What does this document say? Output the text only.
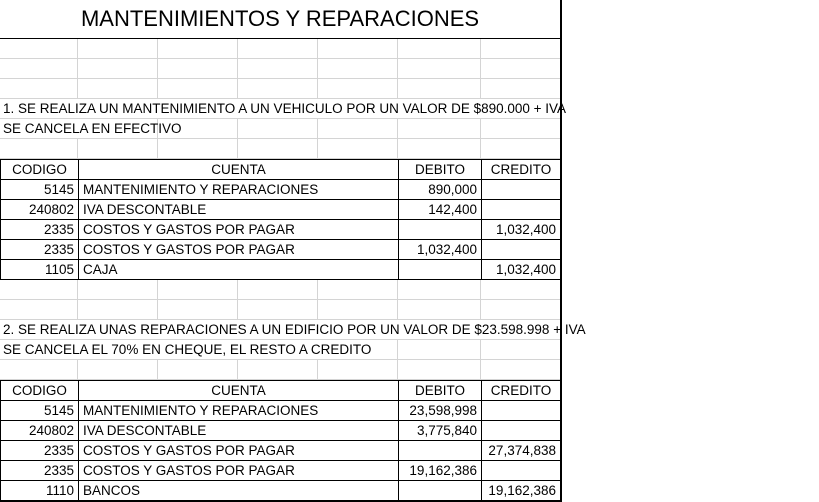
MANTENIMIENTOS Y REPARACIONES
1. SE REALIZA UN MANTENIMIENTO A UN VEHICULO POR UN VALOR DE $890.000 + IVA
SE CANCELA EN EFECTIVO
CODIGO	CUENTA	DEBITO	CREDITO
5145	MANTENIMIENTO Y REPARACIONES	890,000	
240802	IVA DESCONTABLE	142,400	
2335	COSTOS Y GASTOS POR PAGAR		1,032,400
2335	COSTOS Y GASTOS POR PAGAR	1,032,400	
1105	CAJA		1,032,400
2. SE REALIZA UNAS REPARACIONES A UN EDIFICIO POR UN VALOR DE $23.598.998 + IVA
SE CANCELA EL 70% EN CHEQUE, EL RESTO A CREDITO
CODIGO	CUENTA	DEBITO	CREDITO
5145	MANTENIMIENTO Y REPARACIONES	23,598,998	
240802	IVA DESCONTABLE	3,775,840	
2335	COSTOS Y GASTOS POR PAGAR		27,374,838
2335	COSTOS Y GASTOS POR PAGAR	19,162,386	
1110	BANCOS		19,162,386
